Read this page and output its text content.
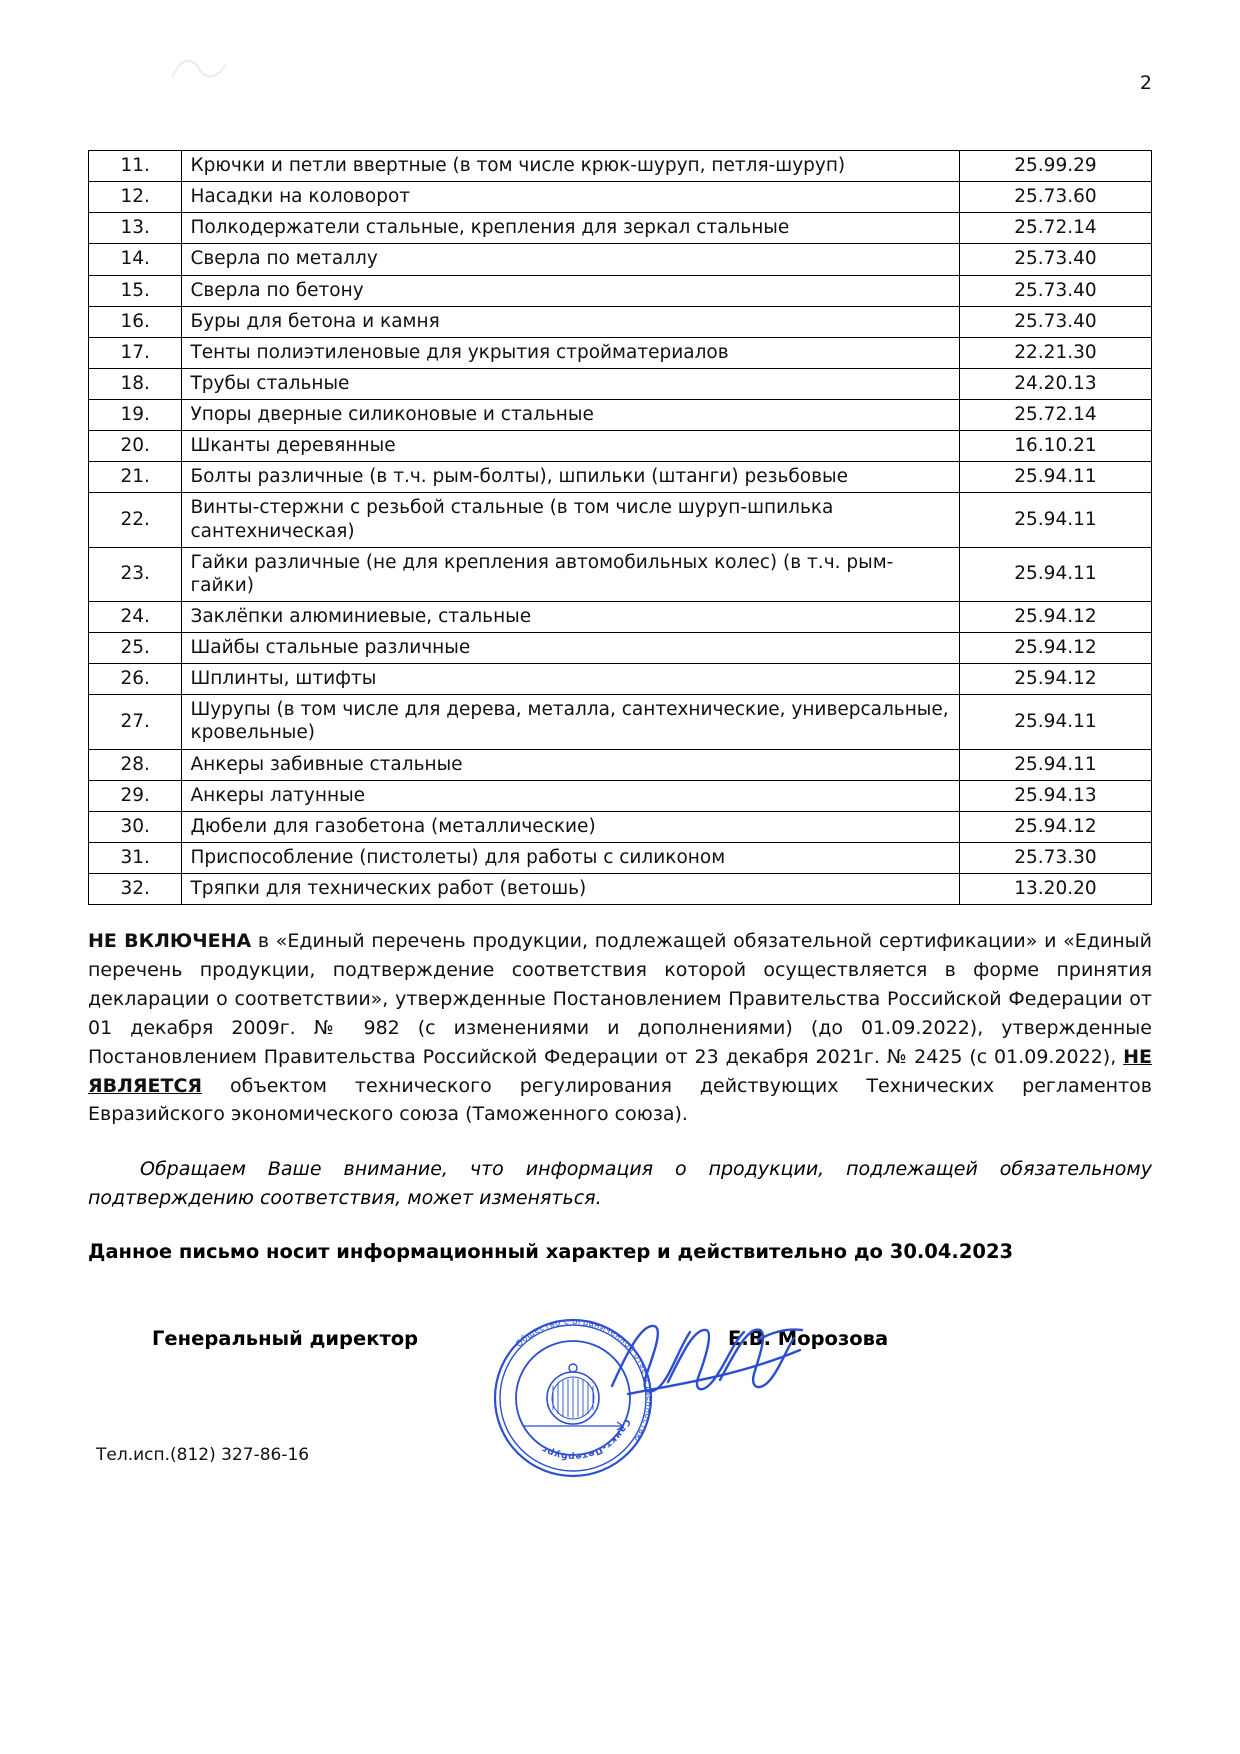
2
11.	Крючки и петли ввертные (в том числе крюк-шуруп, петля-шуруп)	25.99.29
12.	Насадки на коловорот	25.73.60
13.	Полкодержатели стальные, крепления для зеркал стальные	25.72.14
14.	Сверла по металлу	25.73.40
15.	Сверла по бетону	25.73.40
16.	Буры для бетона и камня	25.73.40
17.	Тенты полиэтиленовые для укрытия стройматериалов	22.21.30
18.	Трубы стальные	24.20.13
19.	Упоры дверные силиконовые и стальные	25.72.14
20.	Шканты деревянные	16.10.21
21.	Болты различные (в т.ч. рым-болты), шпильки (штанги) резьбовые	25.94.11
22.	Винты-стержни с резьбой стальные (в том числе шуруп-шпилька сантехническая)	25.94.11
23.	Гайки различные (не для крепления автомобильных колес) (в т.ч. рым-гайки)	25.94.11
24.	Заклёпки алюминиевые, стальные	25.94.12
25.	Шайбы стальные различные	25.94.12
26.	Шплинты, штифты	25.94.12
27.	Шурупы (в том числе для дерева, металла, сантехнические, универсальные, кровельные)	25.94.11
28.	Анкеры забивные стальные	25.94.11
29.	Анкеры латунные	25.94.13
30.	Дюбели для газобетона (металлические)	25.94.12
31.	Приспособление (пистолеты) для работы с силиконом	25.73.30
32.	Тряпки для технических работ (ветошь)	13.20.20

НЕ ВКЛЮЧЕНА в «Единый перечень продукции, подлежащей обязательной сертификации» и «Единый перечень продукции, подтверждение соответствия которой осуществляется в форме принятия декларации о соответствии», утвержденные Постановлением Правительства Российской Федерации от 01 декабря 2009г. № 982 (с изменениями и дополнениями) (до 01.09.2022), утвержденные Постановлением Правительства Российской Федерации от 23 декабря 2021г. № 2425 (с 01.09.2022), НЕ ЯВЛЯЕТСЯ объектом технического регулирования действующих Технических регламентов Евразийского экономического союза (Таможенного союза).

Обращаем Ваше внимание, что информация о продукции, подлежащей обязательному подтверждению соответствия, может изменяться.

Данное письмо носит информационный характер и действительно до 30.04.2023

Генеральный директор	Е.В. Морозова
Тел.исп.(812) 327-86-16
Общество с ограниченной ответственностью
Санкт-Петербург
